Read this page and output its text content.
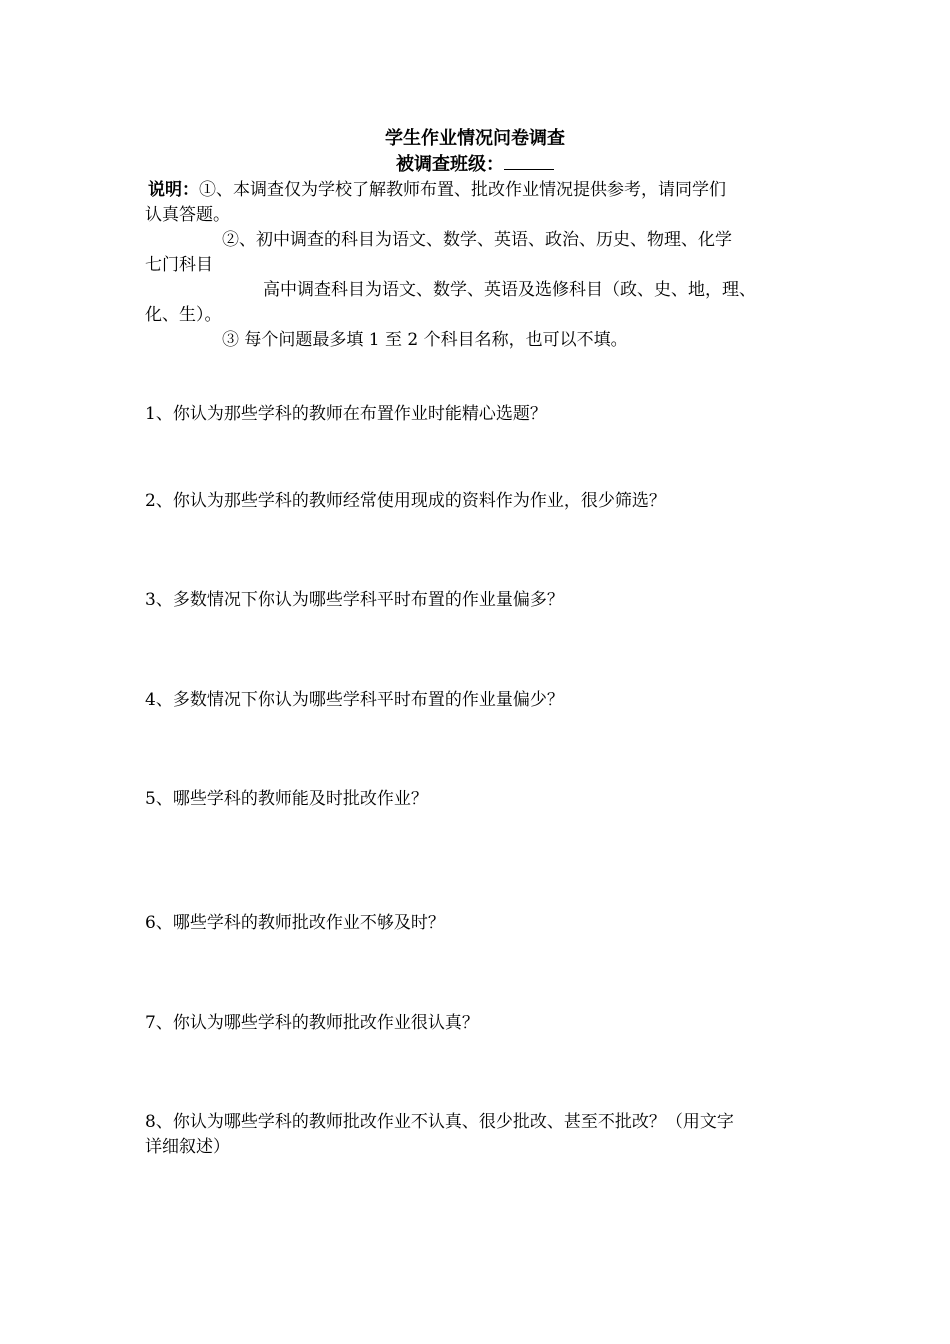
学生作业情况问卷调查
被调查班级：
说明：①、本调查仅为学校了解教师布置、批改作业情况提供参考，请同学们
认真答题。
②、初中调查的科目为语文、数学、英语、政治、历史、物理、化学
七门科目
高中调查科目为语文、数学、英语及选修科目（政、史、地，理、
化、生）。
③ 每个问题最多填 1 至 2 个科目名称，也可以不填。
1、你认为那些学科的教师在布置作业时能精心选题？
2、你认为那些学科的教师经常使用现成的资料作为作业，很少筛选？
3、多数情况下你认为哪些学科平时布置的作业量偏多？
4、多数情况下你认为哪些学科平时布置的作业量偏少？
5、哪些学科的教师能及时批改作业？
6、哪些学科的教师批改作业不够及时？
7、你认为哪些学科的教师批改作业很认真？
8、你认为哪些学科的教师批改作业不认真、很少批改、甚至不批改？（用文字
详细叙述）
